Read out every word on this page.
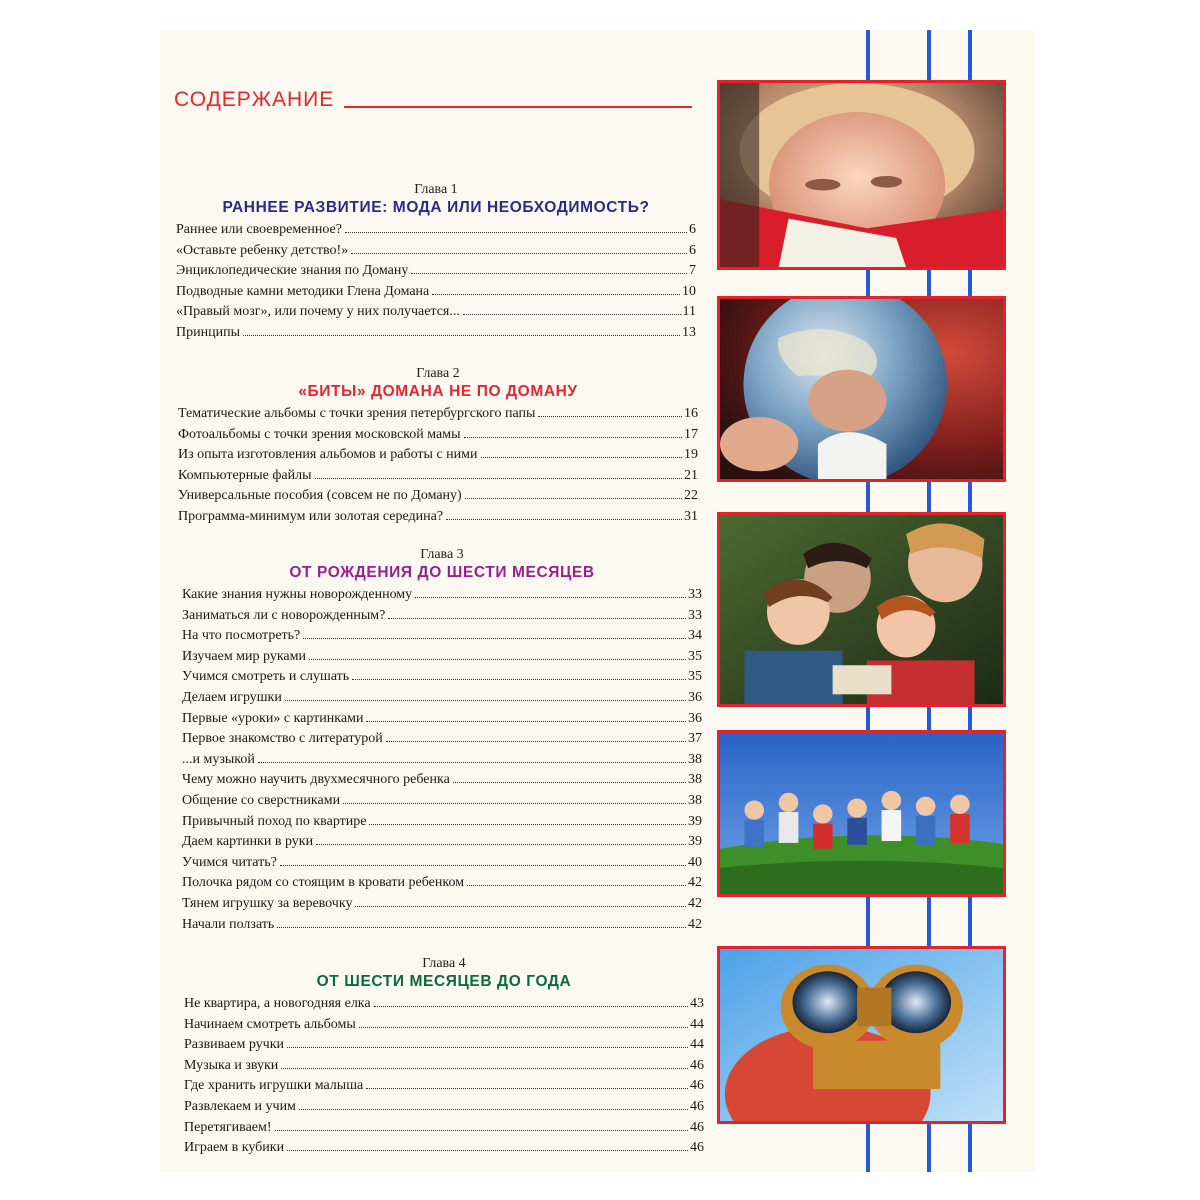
СОДЕРЖАНИЕ
Глава 1
РАННЕЕ РАЗВИТИЕ: МОДА ИЛИ НЕОБХОДИМОСТЬ?
Раннее или своевременное?	6
«Оставьте ребенку детство!»	6
Энциклопедические знания по Доману	7
Подводные камни методики Глена Домана	10
«Правый мозг», или почему у них получается...	11
Принципы	13
Глава 2
«БИТЫ» ДОМАНА НЕ ПО ДОМАНУ
Тематические альбомы с точки зрения петербургского папы	16
Фотоальбомы с точки зрения московской мамы	17
Из опыта изготовления альбомов и работы с ними	19
Компьютерные файлы	21
Универсальные пособия (совсем не по Доману)	22
Программа-минимум или золотая середина?	31
Глава 3
ОТ РОЖДЕНИЯ ДО ШЕСТИ МЕСЯЦЕВ
Какие знания нужны новорожденному	33
Заниматься ли с новорожденным?	33
На что посмотреть?	34
Изучаем мир руками	35
Учимся смотреть и слушать	35
Делаем игрушки	36
Первые «уроки» с картинками	36
Первое знакомство с литературой	37
...и музыкой	38
Чему можно научить двухмесячного ребенка	38
Общение со сверстниками	38
Привычный поход по квартире	39
Даем картинки в руки	39
Учимся читать?	40
Полочка рядом со стоящим в кровати ребенком	42
Тянем игрушку за веревочку	42
Начали ползать	42
Глава 4
ОТ ШЕСТИ МЕСЯЦЕВ ДО ГОДА
Не квартира, а новогодняя елка	43
Начинаем смотреть альбомы	44
Развиваем ручки	44
Музыка и звуки	46
Где хранить игрушки малыша	46
Развлекаем и учим	46
Перетягиваем!	46
Играем в кубики	46
